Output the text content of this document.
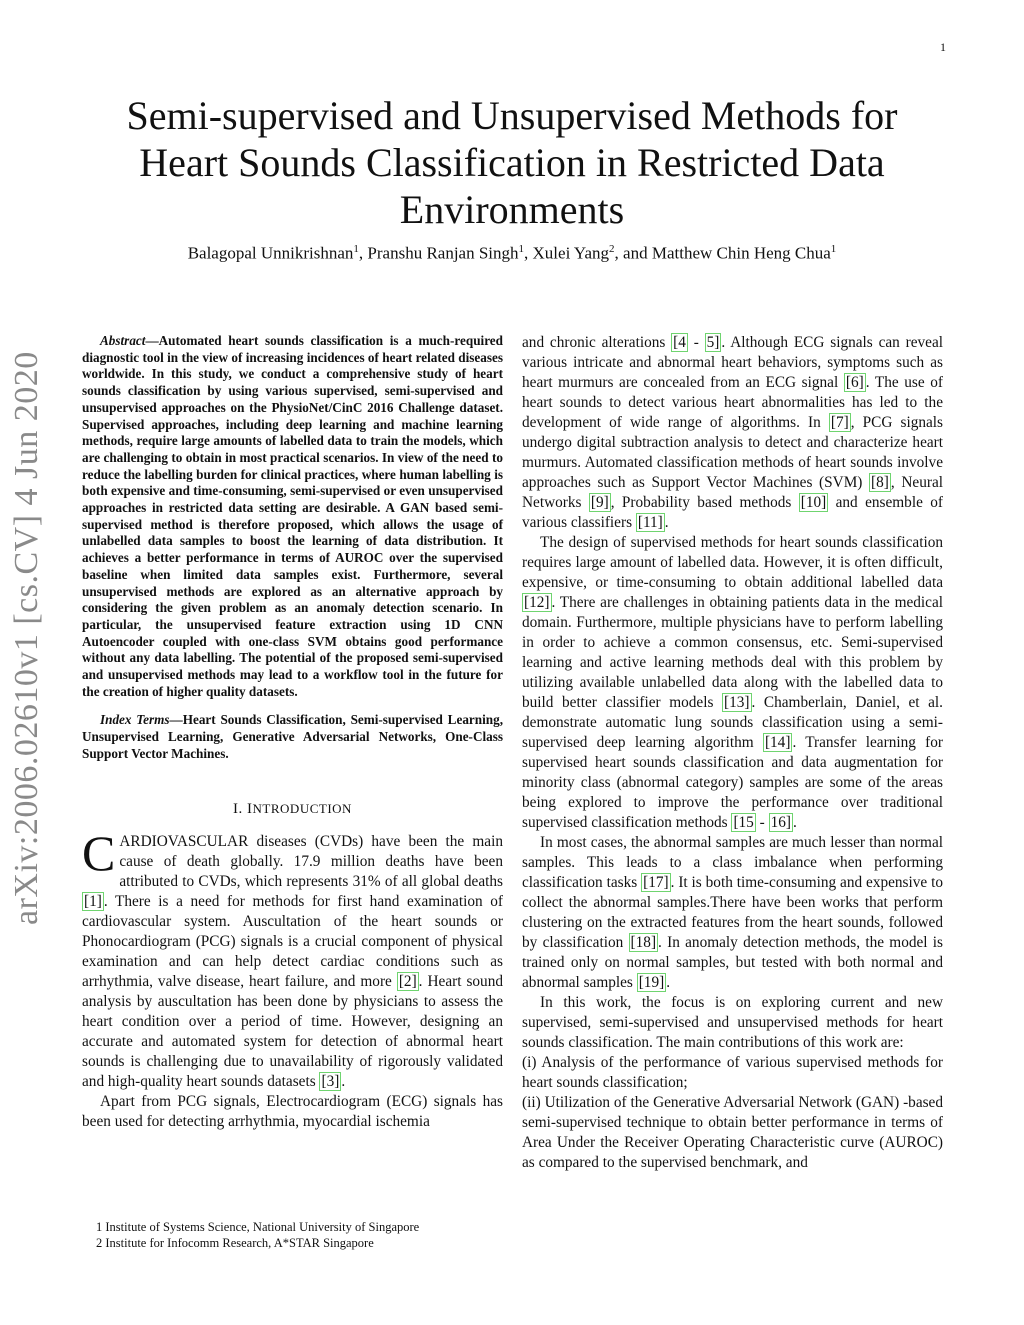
1
Semi-supervised and Unsupervised Methods for Heart Sounds Classification in Restricted Data Environments
Balagopal Unnikrishnan$^1$, Pranshu Ranjan Singh$^1$, Xulei Yang$^2$, and Matthew Chin Heng Chua$^1$
arXiv:2006.02610v1 [cs.CV] 4 Jun 2020

Abstract—Automated heart sounds classification is a much-required diagnostic tool in the view of increasing incidences of heart related diseases worldwide. In this study, we conduct a comprehensive study of heart sounds classification by using various supervised, semi-supervised and unsupervised approaches on the PhysioNet/CinC 2016 Challenge dataset. Supervised approaches, including deep learning and machine learning methods, require large amounts of labelled data to train the models, which are challenging to obtain in most practical scenarios. In view of the need to reduce the labelling burden for clinical practices, where human labelling is both expensive and time-consuming, semi-supervised or even unsupervised approaches in restricted data setting are desirable. A GAN based semi-supervised method is therefore proposed, which allows the usage of unlabelled data samples to boost the learning of data distribution. It achieves a better performance in terms of AUROC over the supervised baseline when limited data samples exist. Furthermore, several unsupervised methods are explored as an alternative approach by considering the given problem as an anomaly detection scenario. In particular, the unsupervised feature extraction using 1D CNN Autoencoder coupled with one-class SVM obtains good performance without any data labelling. The potential of the proposed semi-supervised and unsupervised methods may lead to a workflow tool in the future for the creation of higher quality datasets.

Index Terms—Heart Sounds Classification, Semi-supervised Learning, Unsupervised Learning, Generative Adversarial Networks, One-Class Support Vector Machines.

I. INTRODUCTION

CARDIOVASCULAR diseases (CVDs) have been the main cause of death globally. 17.9 million deaths have been attributed to CVDs, which represents 31% of all global deaths [1] . There is a need for methods for first hand examination of cardiovascular system. Auscultation of the heart sounds or Phonocardiogram (PCG) signals is a crucial component of physical examination and can help detect cardiac conditions such as arrhythmia, valve disease, heart failure, and more [2] . Heart sound analysis by auscultation has been done by physicians to assess the heart condition over a period of time. However, designing an accurate and automated system for detection of abnormal heart sounds is challenging due to unavailability of rigorously validated and high-quality heart sounds datasets [3] .

Apart from PCG signals, Electrocardiogram (ECG) signals has been used for detecting arrhythmia, myocardial ischemia

1 Institute of Systems Science, National University of Singapore
2 Institute for Infocomm Research, A*STAR Singapore

and chronic alterations [4 - 5] . Although ECG signals can reveal various intricate and abnormal heart behaviors, symptoms such as heart murmurs are concealed from an ECG signal [6] . The use of heart sounds to detect various heart abnormalities has led to the development of wide range of algorithms. In [7] , PCG signals undergo digital subtraction analysis to detect and characterize heart murmurs. Automated classification methods of heart sounds involve approaches such as Support Vector Machines (SVM) [8] , Neural Networks [9] , Probability based methods [10] and ensemble of various classifiers [11] .

The design of supervised methods for heart sounds classification requires large amount of labelled data. However, it is often difficult, expensive, or time-consuming to obtain additional labelled data [12] . There are challenges in obtaining patients data in the medical domain. Furthermore, multiple physicians have to perform labelling in order to achieve a common consensus, etc. Semi-supervised learning and active learning methods deal with this problem by utilizing available unlabelled data along with the labelled data to build better classifier models [13] . Chamberlain, Daniel, et al. demonstrate automatic lung sounds classification using a semi-supervised deep learning algorithm [14] . Transfer learning for supervised heart sounds classification and data augmentation for minority class (abnormal category) samples are some of the areas being explored to improve the performance over traditional supervised classification methods [15 - 16] .

In most cases, the abnormal samples are much lesser than normal samples. This leads to a class imbalance when performing classification tasks [17] . It is both time-consuming and expensive to collect the abnormal samples.There have been works that perform clustering on the extracted features from the heart sounds, followed by classification [18] . In anomaly detection methods, the model is trained only on normal samples, but tested with both normal and abnormal samples [19] .

In this work, the focus is on exploring current and new supervised, semi-supervised and unsupervised methods for heart sounds classification. The main contributions of this work are:

(i) Analysis of the performance of various supervised methods for heart sounds classification;

(ii) Utilization of the Generative Adversarial Network (GAN) -based semi-supervised technique to obtain better performance in terms of Area Under the Receiver Operating Characteristic curve (AUROC) as compared to the supervised benchmark, and
